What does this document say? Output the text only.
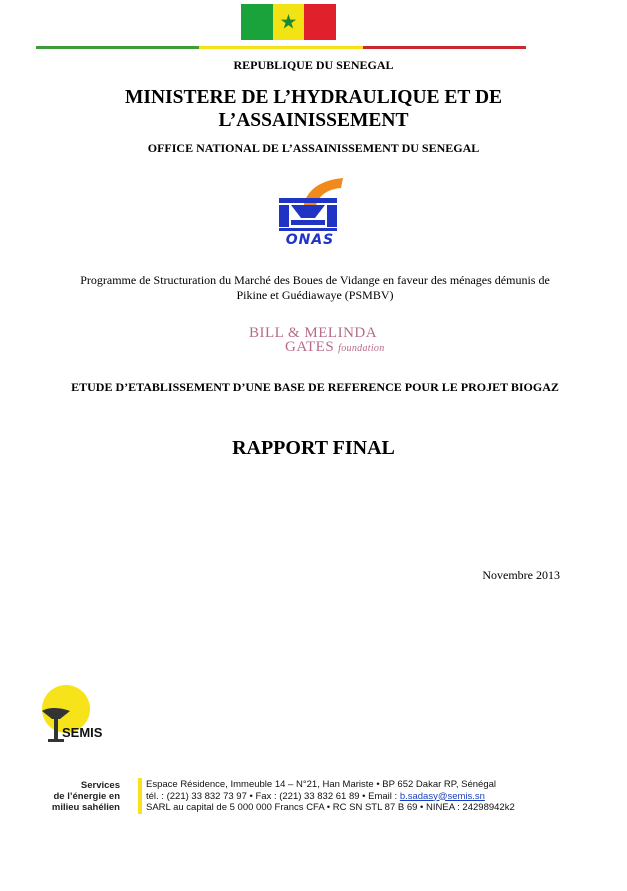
★
REPUBLIQUE DU SENEGAL
MINISTERE DE L’HYDRAULIQUE ET DE L’ASSAINISSEMENT
OFFICE NATIONAL DE L’ASSAINISSEMENT DU SENEGAL
ONAS
Programme de Structuration du Marché des Boues de Vidange en faveur des ménages démunis de Pikine et Guédiawaye (PSMBV)
BILL & MELINDA
GATES foundation
ETUDE D’ETABLISSEMENT D’UNE BASE DE REFERENCE POUR LE PROJET BIOGAZ
RAPPORT FINAL
Novembre 2013
SEMIS
Services
de l’énergie en
milieu sahélien
Espace Résidence, Immeuble 14 – N°21, Han Mariste • BP 652 Dakar RP, Sénégal
tél. : (221) 33 832 73 97 • Fax : (221) 33 832 61 89 • Email : b.sadasy@semis.sn
SARL au capital de 5 000 000 Francs CFA • RC SN STL 87 B 69 • NINEA : 24298942k2
